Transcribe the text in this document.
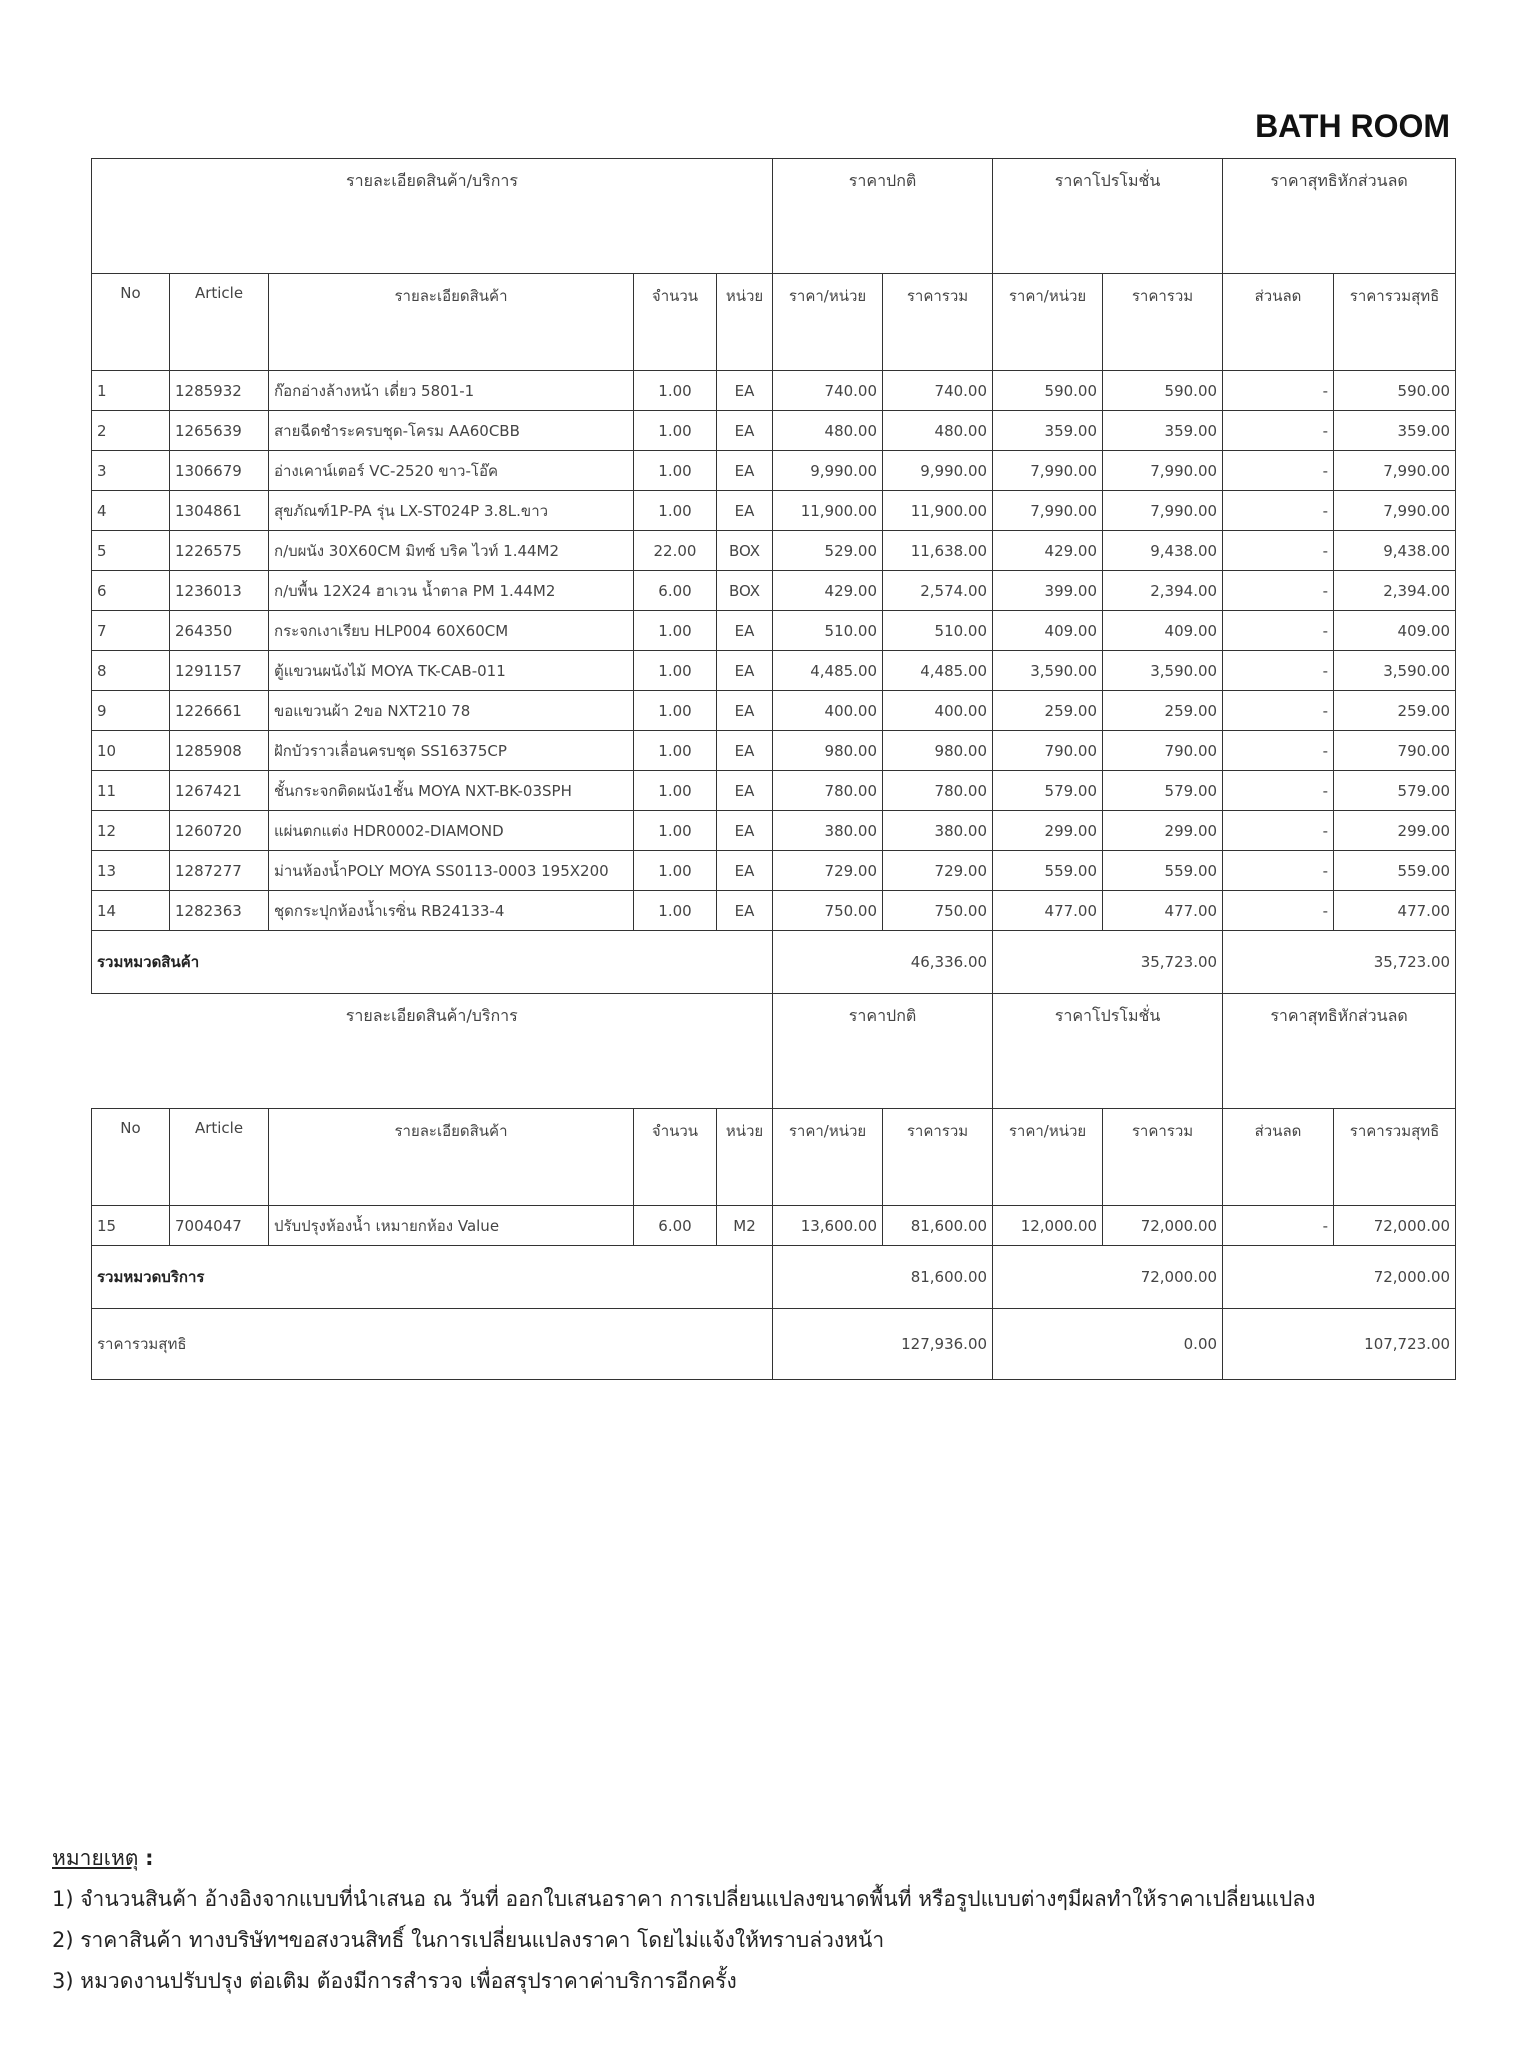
BATH ROOM
รายละเอียดสินค้า/บริการ					ราคาปกติ		ราคาโปรโมชั่น		ราคาสุทธิหักส่วนลด	
No	Article	รายละเอียดสินค้า	จำนวน	หน่วย	ราคา/หน่วย	ราคารวม	ราคา/หน่วย	ราคารวม	ส่วนลด	ราคารวมสุทธิ
1	1285932	ก๊อกอ่างล้างหน้า เดี่ยว 5801-1	1.00	EA	740.00	740.00	590.00	590.00	-	590.00
2	1265639	สายฉีดชำระครบชุด-โครม AA60CBB	1.00	EA	480.00	480.00	359.00	359.00	-	359.00
3	1306679	อ่างเคาน์เตอร์ VC-2520 ขาว-โอ๊ค	1.00	EA	9,990.00	9,990.00	7,990.00	7,990.00	-	7,990.00
4	1304861	สุขภัณฑ์1P-PA รุ่น LX-ST024P 3.8L.ขาว	1.00	EA	11,900.00	11,900.00	7,990.00	7,990.00	-	7,990.00
5	1226575	ก/บผนัง 30X60CM มิทซ์ บริค ไวท์ 1.44M2	22.00	BOX	529.00	11,638.00	429.00	9,438.00	-	9,438.00
6	1236013	ก/บพื้น 12X24 ฮาเวน น้ำตาล PM 1.44M2	6.00	BOX	429.00	2,574.00	399.00	2,394.00	-	2,394.00
7	264350	กระจกเงาเรียบ HLP004 60X60CM	1.00	EA	510.00	510.00	409.00	409.00	-	409.00
8	1291157	ตู้แขวนผนังไม้ MOYA TK-CAB-011	1.00	EA	4,485.00	4,485.00	3,590.00	3,590.00	-	3,590.00
9	1226661	ขอแขวนผ้า 2ขอ NXT210 78	1.00	EA	400.00	400.00	259.00	259.00	-	259.00
10	1285908	ฝักบัวราวเลื่อนครบชุด SS16375CP	1.00	EA	980.00	980.00	790.00	790.00	-	790.00
11	1267421	ชั้นกระจกติดผนัง1ชั้น MOYA NXT-BK-03SPH	1.00	EA	780.00	780.00	579.00	579.00	-	579.00
12	1260720	แผ่นตกแต่ง HDR0002-DIAMOND	1.00	EA	380.00	380.00	299.00	299.00	-	299.00
13	1287277	ม่านห้องน้ำPOLY MOYA SS0113-0003 195X200	1.00	EA	729.00	729.00	559.00	559.00	-	559.00
14	1282363	ชุดกระปุกห้องน้ำเรซิ่น RB24133-4	1.00	EA	750.00	750.00	477.00	477.00	-	477.00
รวมหมวดสินค้า					46,336.00		35,723.00		35,723.00	
รายละเอียดสินค้า/บริการ					ราคาปกติ		ราคาโปรโมชั่น		ราคาสุทธิหักส่วนลด	
No	Article	รายละเอียดสินค้า	จำนวน	หน่วย	ราคา/หน่วย	ราคารวม	ราคา/หน่วย	ราคารวม	ส่วนลด	ราคารวมสุทธิ
15	7004047	ปรับปรุงห้องน้ำ เหมายกห้อง Value	6.00	M2	13,600.00	81,600.00	12,000.00	72,000.00	-	72,000.00
รวมหมวดบริการ					81,600.00		72,000.00		72,000.00	
ราคารวมสุทธิ					127,936.00		0.00		107,723.00	
หมายเหตุ :
1) จำนวนสินค้า อ้างอิงจากแบบที่นำเสนอ ณ วันที่ ออกใบเสนอราคา การเปลี่ยนแปลงขนาดพื้นที่ หรือรูปแบบต่างๆมีผลทำให้ราคาเปลี่ยนแปลง
2) ราคาสินค้า ทางบริษัทฯขอสงวนสิทธิ์ ในการเปลี่ยนแปลงราคา โดยไม่แจ้งให้ทราบล่วงหน้า
3) หมวดงานปรับปรุง ต่อเติม ต้องมีการสำรวจ เพื่อสรุปราคาค่าบริการอีกครั้ง
